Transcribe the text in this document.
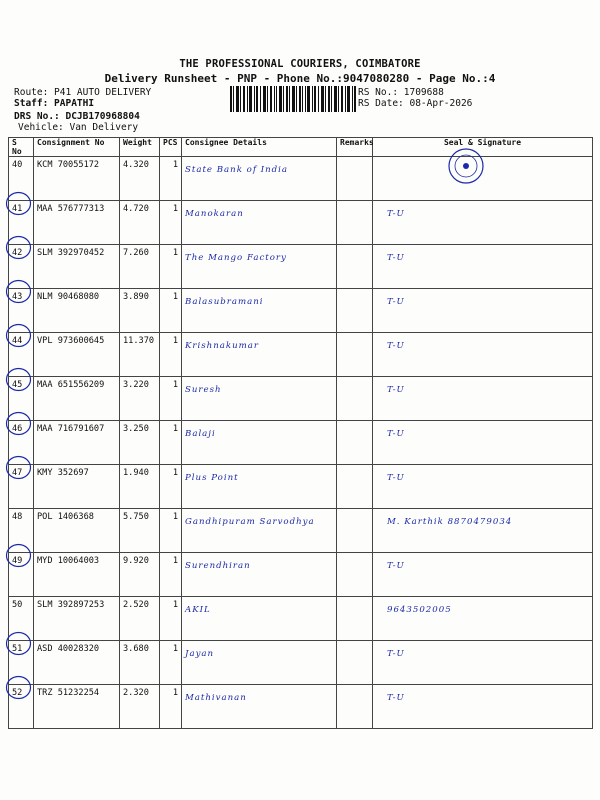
THE PROFESSIONAL COURIERS, COIMBATORE
Delivery Runsheet - PNP - Phone No.:9047080280 - Page No.:4
Route: P41 AUTO DELIVERY
Staff: PAPATHI
DRS No.: DCJB170968804
Vehicle: Van Delivery
RS No.: 1709688
RS Date: 08-Apr-2026
S No	Consignment No	Weight	PCS	Consignee Details	Remarks	Seal & Signature
40	KCM 70055172	4.320	1	State Bank of India		
41	MAA 576777313	4.720	1	Manokaran		T-U
42	SLM 392970452	7.260	1	The Mango Factory		T-U
43	NLM 90468080	3.890	1	Balasubramani		T-U
44	VPL 973600645	11.370	1	Krishnakumar		T-U
45	MAA 651556209	3.220	1	Suresh		T-U
46	MAA 716791607	3.250	1	Balaji		T-U
47	KMY 352697	1.940	1	Plus Point		T-U
48	POL 1406368	5.750	1	Gandhipuram Sarvodhya		M. Karthik 8870479034
49	MYD 10064003	9.920	1	Surendhiran		T-U
50	SLM 392897253	2.520	1	AKIL		9643502005
51	ASD 40028320	3.680	1	Jayan		T-U
52	TRZ 51232254	2.320	1	Mathivanan		T-U
